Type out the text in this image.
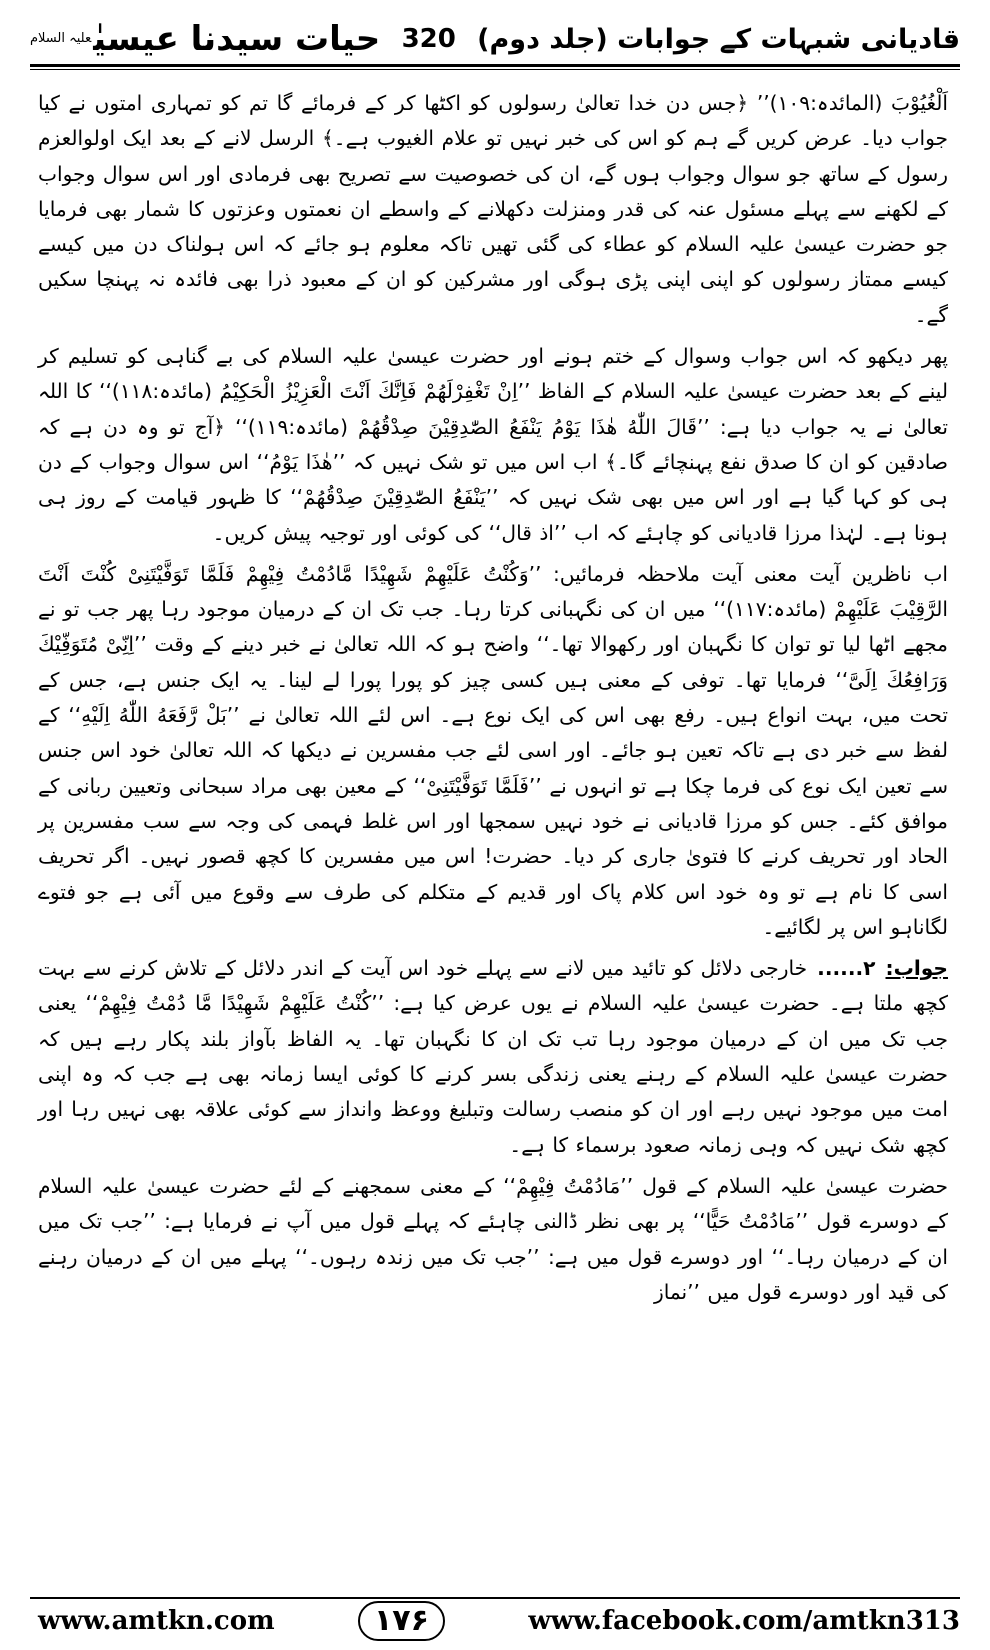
قادیانی شبہات کے جوابات (جلد دوم)
320
حیات سیدنا عیسیٰ$^{علیہ السلام}$

اَلْغُیُوْبَ (المائدہ:۱۰۹)’’ ﴿جس دن خدا تعالیٰ رسولوں کو اکٹھا کر کے فرمائے گا تم کو تمہاری امتوں نے کیا جواب دیا۔ عرض کریں گے ہم کو اس کی خبر نہیں تو علام الغیوب ہے۔﴾ الرسل لانے کے بعد ایک اولوالعزم رسول کے ساتھ جو سوال وجواب ہوں گے، ان کی خصوصیت سے تصریح بھی فرمادی اور اس سوال وجواب کے لکھنے سے پہلے مسئول عنہ کی قدر ومنزلت دکھلانے کے واسطے ان نعمتوں وعزتوں کا شمار بھی فرمایا جو حضرت عیسیٰ علیہ السلام کو عطاء کی گئی تھیں تاکہ معلوم ہو جائے کہ اس ہولناک دن میں کیسے کیسے ممتاز رسولوں کو اپنی اپنی پڑی ہوگی اور مشرکین کو ان کے معبود ذرا بھی فائدہ نہ پہنچا سکیں گے۔

پھر دیکھو کہ اس جواب وسوال کے ختم ہونے اور حضرت عیسیٰ علیہ السلام کی بے گناہی کو تسلیم کر لینے کے بعد حضرت عیسیٰ علیہ السلام کے الفاظ ’’اِنْ تَغْفِرْلَهُمْ فَاِنَّكَ اَنْتَ الْعَزِیْزُ الْحَكِیْمُ (مائدہ:۱۱۸)‘‘ کا اللہ تعالیٰ نے یہ جواب دیا ہے: ’’قَالَ اللّٰهُ هٰذَا یَوْمُ یَنْفَعُ الصّٰدِقِیْنَ صِدْقُهُمْ (مائدہ:۱۱۹)‘‘ ﴿آج تو وہ دن ہے کہ صادقین کو ان کا صدق نفع پہنچائے گا۔﴾ اب اس میں تو شک نہیں کہ ’’هٰذَا یَوْمُ‘‘ اس سوال وجواب کے دن ہی کو کہا گیا ہے اور اس میں بھی شک نہیں کہ ’’یَنْفَعُ الصّٰدِقِیْنَ صِدْقُهُمْ‘‘ کا ظہور قیامت کے روز ہی ہونا ہے۔ لہٰذا مرزا قادیانی کو چاہئے کہ اب ’’اذ قال‘‘ کی کوئی اور توجیہ پیش کریں۔

اب ناظرین آیت معنی آیت ملاحظہ فرمائیں: ’’وَكُنْتُ عَلَیْهِمْ شَهِیْدًا مَّادُمْتُ فِیْهِمْ فَلَمَّا تَوَفَّیْتَنِیْ كُنْتَ اَنْتَ الرَّقِیْبَ عَلَیْهِمْ (مائدہ:۱۱۷)‘‘ میں ان کی نگہبانی کرتا رہا۔ جب تک ان کے درمیان موجود رہا پھر جب تو نے مجھے اٹھا لیا تو توان کا نگہبان اور رکھوالا تھا۔‘‘ واضح ہو کہ اللہ تعالیٰ نے خبر دینے کے وقت ’’اِنِّیْ مُتَوَفِّیْكَ وَرَافِعُكَ اِلَیَّ‘‘ فرمایا تھا۔ توفی کے معنی ہیں کسی چیز کو پورا پورا لے لینا۔ یہ ایک جنس ہے، جس کے تحت میں، بہت انواع ہیں۔ رفع بھی اس کی ایک نوع ہے۔ اس لئے اللہ تعالیٰ نے ’’بَلْ رَّفَعَهُ اللّٰهُ اِلَیْهِ‘‘ کے لفظ سے خبر دی ہے تاکہ تعین ہو جائے۔ اور اسی لئے جب مفسرین نے دیکھا کہ اللہ تعالیٰ خود اس جنس سے تعین ایک نوع کی فرما چکا ہے تو انہوں نے ’’فَلَمَّا تَوَفَّیْتَنِیْ‘‘ کے معین بھی مراد سبحانی وتعیین ربانی کے موافق کئے۔ جس کو مرزا قادیانی نے خود نہیں سمجھا اور اس غلط فہمی کی وجہ سے سب مفسرین پر الحاد اور تحریف کرنے کا فتویٰ جاری کر دیا۔ حضرت! اس میں مفسرین کا کچھ قصور نہیں۔ اگر تحریف اسی کا نام ہے تو وہ خود اس کلام پاک اور قدیم کے متکلم کی طرف سے وقوع میں آئی ہے جو فتوے لگاناہو اس پر لگائیے۔

جواب:۲......خارجی دلائل کو تائید میں لانے سے پہلے خود اس آیت کے اندر دلائل کے تلاش کرنے سے بہت کچھ ملتا ہے۔ حضرت عیسیٰ علیہ السلام نے یوں عرض کیا ہے: ’’كُنْتُ عَلَیْهِمْ شَهِیْدًا مَّا دُمْتُ فِیْهِمْ‘‘ یعنی جب تک میں ان کے درمیان موجود رہا تب تک ان کا نگہبان تھا۔ یہ الفاظ بآواز بلند پکار رہے ہیں کہ حضرت عیسیٰ علیہ السلام کے رہنے یعنی زندگی بسر کرنے کا کوئی ایسا زمانہ بھی ہے جب کہ وہ اپنی امت میں موجود نہیں رہے اور ان کو منصب رسالت وتبلیغ ووعظ وانداز سے کوئی علاقہ بھی نہیں رہا اور کچھ شک نہیں کہ وہی زمانہ صعود برسماء کا ہے۔

حضرت عیسیٰ علیہ السلام کے قول ’’مَادُمْتُ فِیْهِمْ‘‘ کے معنی سمجھنے کے لئے حضرت عیسیٰ علیہ السلام کے دوسرے قول ’’مَادُمْتُ حَیًّا‘‘ پر بھی نظر ڈالنی چاہئے کہ پہلے قول میں آپ نے فرمایا ہے: ’’جب تک میں ان کے درمیان رہا۔‘‘ اور دوسرے قول میں ہے: ’’جب تک میں زندہ رہوں۔‘‘ پہلے میں ان کے درمیان رہنے کی قید اور دوسرے قول میں ’’نماز

www.amtkn.com	۱۷۶	www.facebook.com/amtkn313
